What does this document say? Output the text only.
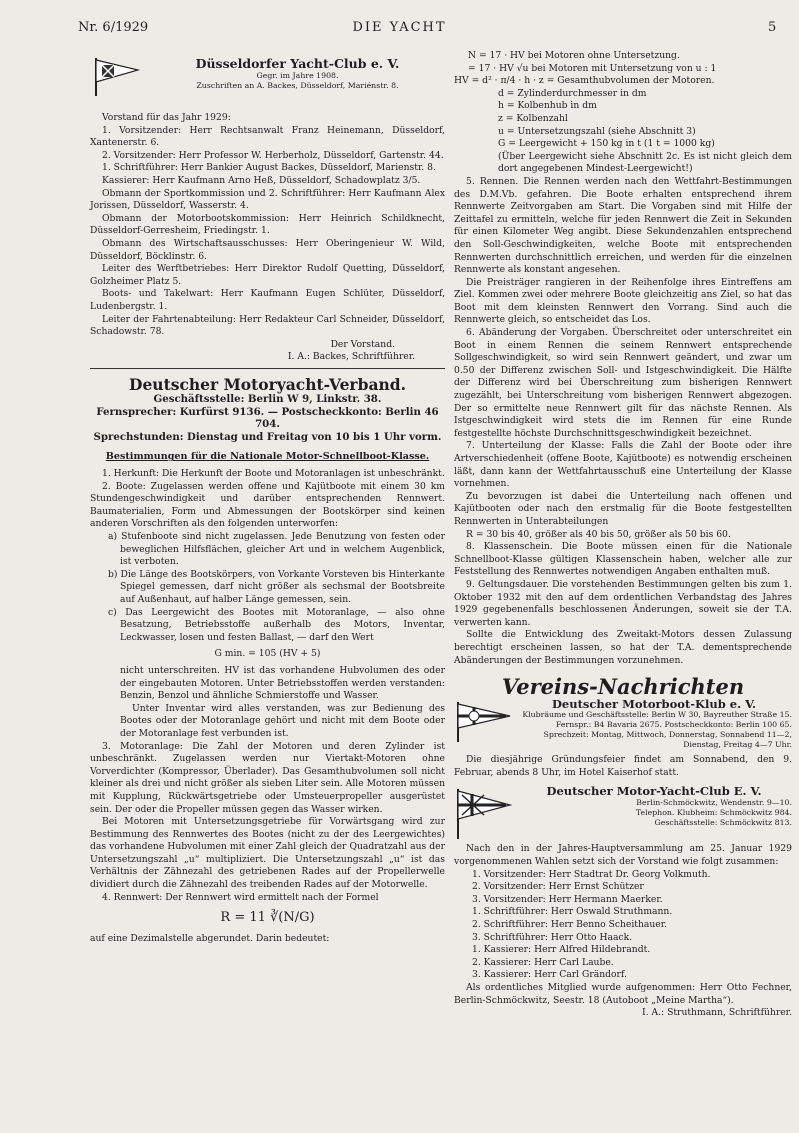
Nr. 6/1929	DIE YACHT	5
Düsseldorfer Yacht-Club e. V.
Gegr. im Jahre 1908.
Zuschriften an A. Backes, Düsseldorf, Mariénstr. 8.

Vorstand für das Jahr 1929:

1. Vorsitzender: Herr Rechtsanwalt Franz Heinemann, Düsseldorf, Xantenerstr. 6.

2. Vorsitzender: Herr Professor W. Herberholz, Düsseldorf, Gartenstr. 44.

1. Schriftführer: Herr Bankier August Backes, Düsseldorf, Marienstr. 8.

Kassierer: Herr Kaufmann Arno Heß, Düsseldorf, Schadowplatz 3/5.

Obmann der Sportkommission und 2. Schriftführer: Herr Kaufmann Alex Jorissen, Düsseldorf, Wasserstr. 4.

Obmann der Motorbootskommission: Herr Heinrich Schildknecht, Düsseldorf-Gerresheim, Friedingstr. 1.

Obmann des Wirtschaftsausschusses: Herr Oberingenieur W. Wild, Düsseldorf, Böcklinstr. 6.

Leiter des Werftbetriebes: Herr Direktor Rudolf Quetting, Düsseldorf, Golzheimer Platz 5.

Boots- und Takelwart: Herr Kaufmann Eugen Schlüter, Düsseldorf, Ludenbergstr. 1.

Leiter der Fahrtenabteilung: Herr Redakteur Carl Schneider, Düsseldorf, Schadowstr. 78.

Der Vorstand.

I. A.: Backes, Schriftführer.

Deutscher Motoryacht-Verband.
Geschäftsstelle: Berlin W 9, Linkstr. 38.
Fernsprecher: Kurfürst 9136. — Postscheckkonto: Berlin 46 704.
Sprechstunden: Dienstag und Freitag von 10 bis 1 Uhr vorm.
Bestimmungen für die Nationale Motor-Schnellboot-Klasse.

1. Herkunft: Die Herkunft der Boote und Motoranlagen ist unbeschränkt.

2. Boote: Zugelassen werden offene und Kajütboote mit einem 30 km Stundengeschwindigkeit und darüber entsprechenden Rennwert. Baumaterialien, Form und Abmessungen der Bootskörper sind keinen anderen Vorschriften als den folgenden unterworfen:

a) Stufenboote sind nicht zugelassen. Jede Benutzung von festen oder beweglichen Hilfsflächen, gleicher Art und in welchem Augenblick, ist verboten.

b) Die Länge des Bootskörpers, von Vorkante Vorsteven bis Hinterkante Spiegel gemessen, darf nicht größer als sechsmal der Bootsbreite auf Außenhaut, auf halber Länge gemessen, sein.

c) Das Leergewicht des Bootes mit Motoranlage, — also ohne Besatzung, Betriebsstoffe außerhalb des Motors, Inventar, Leckwasser, losen und festen Ballast, — darf den Wert

G min. = 105 (HV + 5)

nicht unterschreiten. HV ist das vorhandene Hubvolumen des oder der eingebauten Motoren. Unter Betriebsstoffen werden verstanden: Benzin, Benzol und ähnliche Schmierstoffe und Wasser.

Unter Inventar wird alles verstanden, was zur Bedienung des Bootes oder der Motoranlage gehört und nicht mit dem Boote oder der Motoranlage fest verbunden ist.

3. Motoranlage: Die Zahl der Motoren und deren Zylinder ist unbeschränkt. Zugelassen werden nur Viertakt-Motoren ohne Vorverdichter (Kompressor, Überlader). Das Gesamthubvolumen soll nicht kleiner als drei und nicht größer als sieben Liter sein. Alle Motoren müssen mit Kupplung, Rückwärtsgetriebe oder Umsteuerpropeller ausgerüstet sein. Der oder die Propeller müssen gegen das Wasser wirken.

Bei Motoren mit Untersetzungsgetriebe für Vorwärtsgang wird zur Bestimmung des Rennwertes des Bootes (nicht zu der des Leergewichtes) das vorhandene Hubvolumen mit einer Zahl gleich der Quadratzahl aus der Untersetzungszahl „u“ multipliziert. Die Untersetzungszahl „u“ ist das Verhältnis der Zähnezahl des getriebenen Rades auf der Propellerwelle dividiert durch die Zähnezahl des treibenden Rades auf der Motorwelle.

4. Rennwert: Der Rennwert wird ermittelt nach der Formel

R = 11 ∛(N/G)

auf eine Dezimalstelle abgerundet. Darin bedeutet:

N = 17 · HV bei Motoren ohne Untersetzung.

= 17 · HV √u bei Motoren mit Untersetzung von u : 1

HV = d² · π/4 · h · z = Gesamthubvolumen der Motoren.

d = Zylinderdurchmesser in dm

h = Kolbenhub in dm

z = Kolbenzahl

u = Untersetzungszahl (siehe Abschnitt 3)

G = Leergewicht + 150 kg in t (1 t = 1000 kg)

(Über Leergewicht siehe Abschnitt 2c. Es ist nicht gleich dem dort angegebenen Mindest-Leergewicht!)

5. Rennen. Die Rennen werden nach den Wettfahrt-Bestimmungen des D.M.Vb. gefahren. Die Boote erhalten entsprechend ihrem Rennwerte Zeitvorgaben am Start. Die Vorgaben sind mit Hilfe der Zeittafel zu ermitteln, welche für jeden Rennwert die Zeit in Sekunden für einen Kilometer Weg angibt. Diese Sekundenzahlen entsprechend den Soll-Geschwindigkeiten, welche Boote mit entsprechenden Rennwerten durchschnittlich erreichen, und werden für die einzelnen Rennwerte als konstant angesehen.

Die Preisträger rangieren in der Reihenfolge ihres Eintreffens am Ziel. Kommen zwei oder mehrere Boote gleichzeitig ans Ziel, so hat das Boot mit dem kleinsten Rennwert den Vorrang. Sind auch die Rennwerte gleich, so entscheidet das Los.

6. Abänderung der Vorgaben. Überschreitet oder unterschreitet ein Boot in einem Rennen die seinem Rennwert entsprechende Sollgeschwindigkeit, so wird sein Rennwert geändert, und zwar um 0.50 der Differenz zwischen Soll- und Istgeschwindigkeit. Die Hälfte der Differenz wird bei Überschreitung zum bisherigen Rennwert zugezählt, bei Unterschreitung vom bisherigen Rennwert abgezogen. Der so ermittelte neue Rennwert gilt für das nächste Rennen. Als Istgeschwindigkeit wird stets die im Rennen für eine Runde festgestellte höchste Durchschnittsgeschwindigkeit bezeichnet.

7. Unterteilung der Klasse: Falls die Zahl der Boote oder ihre Artverschiedenheit (offene Boote, Kajütboote) es notwendig erscheinen läßt, dann kann der Wettfahrtausschuß eine Unterteilung der Klasse vornehmen.

Zu bevorzugen ist dabei die Unterteilung nach offenen und Kajütbooten oder nach den erstmalig für die Boote festgestellten Rennwerten in Unterabteilungen

R = 30 bis 40, größer als 40 bis 50, größer als 50 bis 60.

8. Klassenschein. Die Boote müssen einen für die Nationale Schnellboot-Klasse gültigen Klassenschein haben, welcher alle zur Feststellung des Rennwertes notwendigen Angaben enthalten muß.

9. Geltungsdauer. Die vorstehenden Bestimmungen gelten bis zum 1. Oktober 1932 mit den auf dem ordentlichen Verbandstag des Jahres 1929 gegebenenfalls beschlossenen Änderungen, soweit sie der T.A. verwerten kann.

Sollte die Entwicklung des Zweitakt-Motors dessen Zulassung berechtigt erscheinen lassen, so hat der T.A. dementsprechende Abänderungen der Bestimmungen vorzunehmen.

Vereins-Nachrichten
Deutscher Motorboot-Klub e. V.

Klubräume und Geschäftsstelle: Berlin W 30, Bayreuther Straße 15. Fernspr.: B4 Bavaria 2675. Postscheckkonto: Berlin 100 65. Sprechzeit: Montag, Mittwoch, Donnerstag, Sonnabend 11—2, Dienstag, Freitag 4—7 Uhr.

Die diesjährige Gründungsfeier findet am Sonnabend, den 9. Februar, abends 8 Uhr, im Hotel Kaiserhof statt.

Deutscher Motor-Yacht-Club E. V.

Berlin-Schmöckwitz, Wendenstr. 9—10.

Telephon. Klubheim: Schmöckwitz 984.

Geschäftsstelle: Schmöckwitz 813.

Nach den in der Jahres-Hauptversammlung am 25. Januar 1929 vorgenommenen Wahlen setzt sich der Vorstand wie folgt zusammen:

1. Vorsitzender: Herr Stadtrat Dr. Georg Volkmuth.

2. Vorsitzender: Herr Ernst Schützer

3. Vorsitzender: Herr Hermann Maerker.

1. Schriftführer: Herr Oswald Struthmann.

2. Schriftführer: Herr Benno Scheithauer.

3. Schriftführer: Herr Otto Haack.

1. Kassierer: Herr Alfred Hildebrandt.

2. Kassierer: Herr Carl Laube.

3. Kassierer: Herr Carl Grändorf.

Als ordentliches Mitglied wurde aufgenommen: Herr Otto Fechner, Berlin-Schmöckwitz, Seestr. 18 (Autoboot „Meine Martha“).

I. A.: Struthmann, Schriftführer.
